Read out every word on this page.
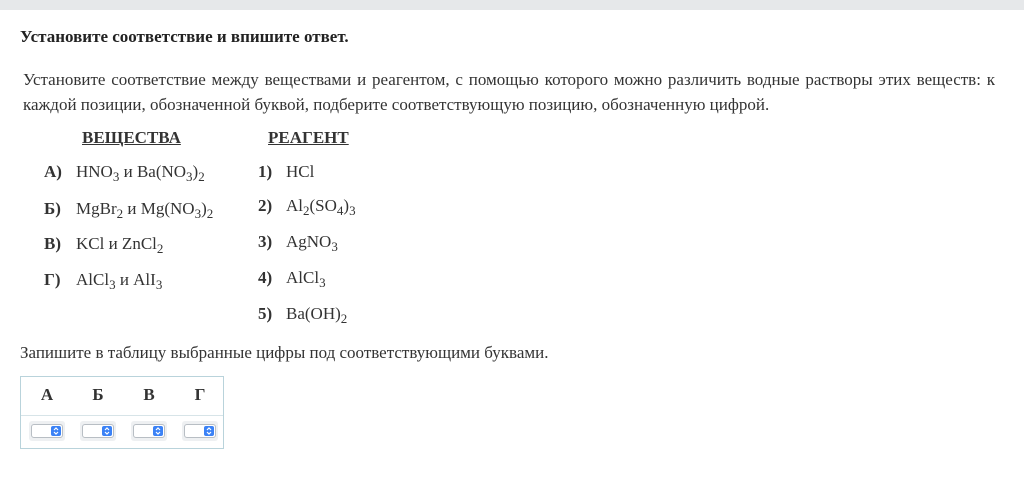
Установите соответствие и впишите ответ.
Установите соответствие между веществами и реагентом, с помощью которого можно различить водные растворы этих веществ: к каждой позиции, обозначенной буквой, подберите соответствующую позицию, обозначенную цифрой.
ВЕЩЕСТВА	РЕАГЕНТ
А) $HNO_3$ и $Ba(NO_3)_2$
Б) MgBr$_2$ и $Mg(NO_3)_2$
В) KCl и ZnCl$_2$
Г) AlCl$_3$ и AlI$_3$
1) HCl
2) $Al_2(SO_4)_3$
3) AgNO$_3$
4) AlCl$_3$
5) $Ba(OH)_2$
Запишите в таблицу выбранные цифры под соответствующими буквами.
А	Б	В	Г
